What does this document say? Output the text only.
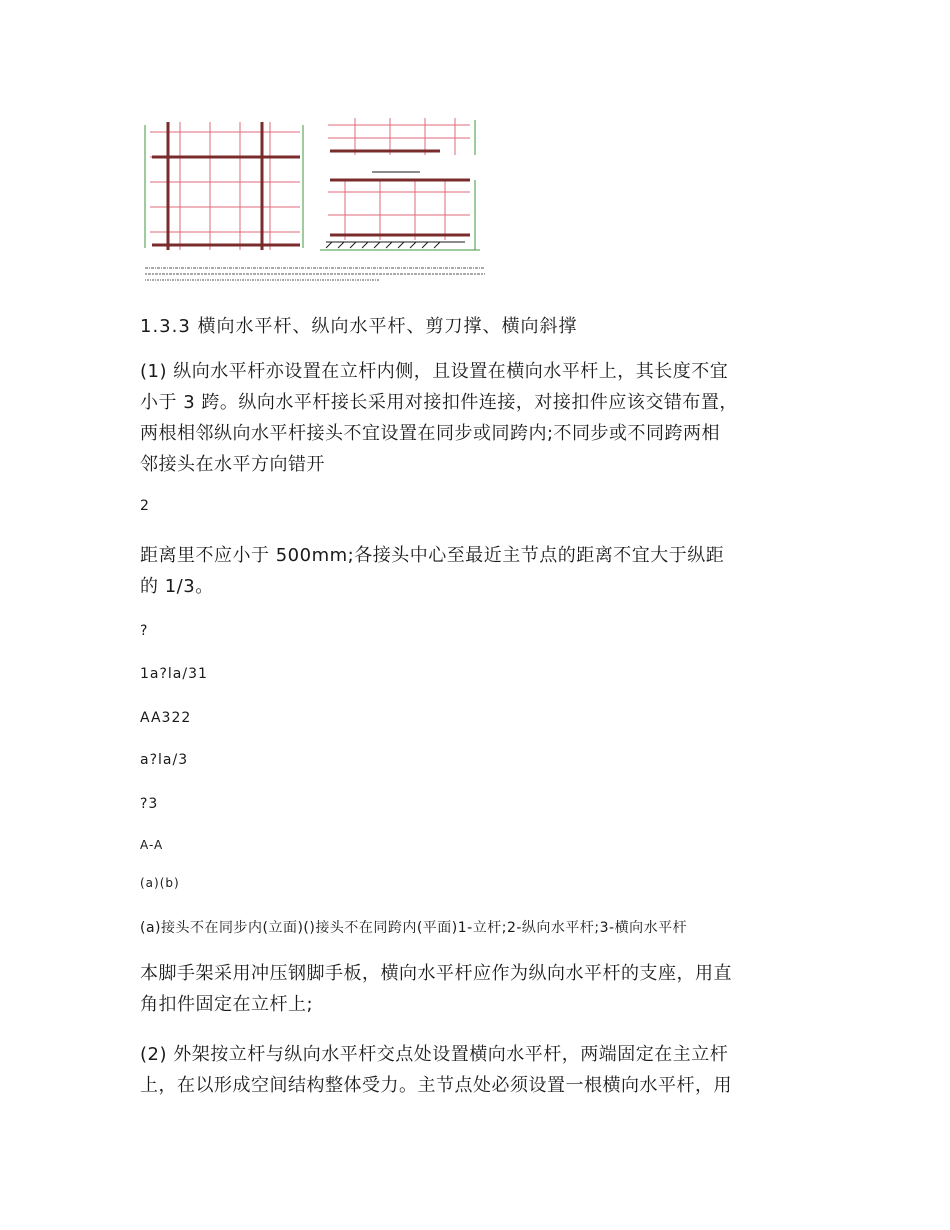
1.3.3 横向水平杆、纵向水平杆、剪刀撑、横向斜撑

(1) 纵向水平杆亦设置在立杆内侧，且设置在横向水平杆上，其长度不宜

小于 3 跨。纵向水平杆接长采用对接扣件连接，对接扣件应该交错布置，

两根相邻纵向水平杆接头不宜设置在同步或同跨内;不同步或不同跨两相

邻接头在水平方向错开

2

距离里不应小于 500mm;各接头中心至最近主节点的距离不宜大于纵距

的 1/3。

?

1a?la/31

AA322

a?la/3

?3

A-A

(a)(b)

(a)接头不在同步内(立面)()接头不在同跨内(平面)1-立杆;2-纵向水平杆;3-横向水平杆

本脚手架采用冲压钢脚手板，横向水平杆应作为纵向水平杆的支座，用直

角扣件固定在立杆上;

(2) 外架按立杆与纵向水平杆交点处设置横向水平杆，两端固定在主立杆

上，在以形成空间结构整体受力。主节点处必须设置一根横向水平杆，用
